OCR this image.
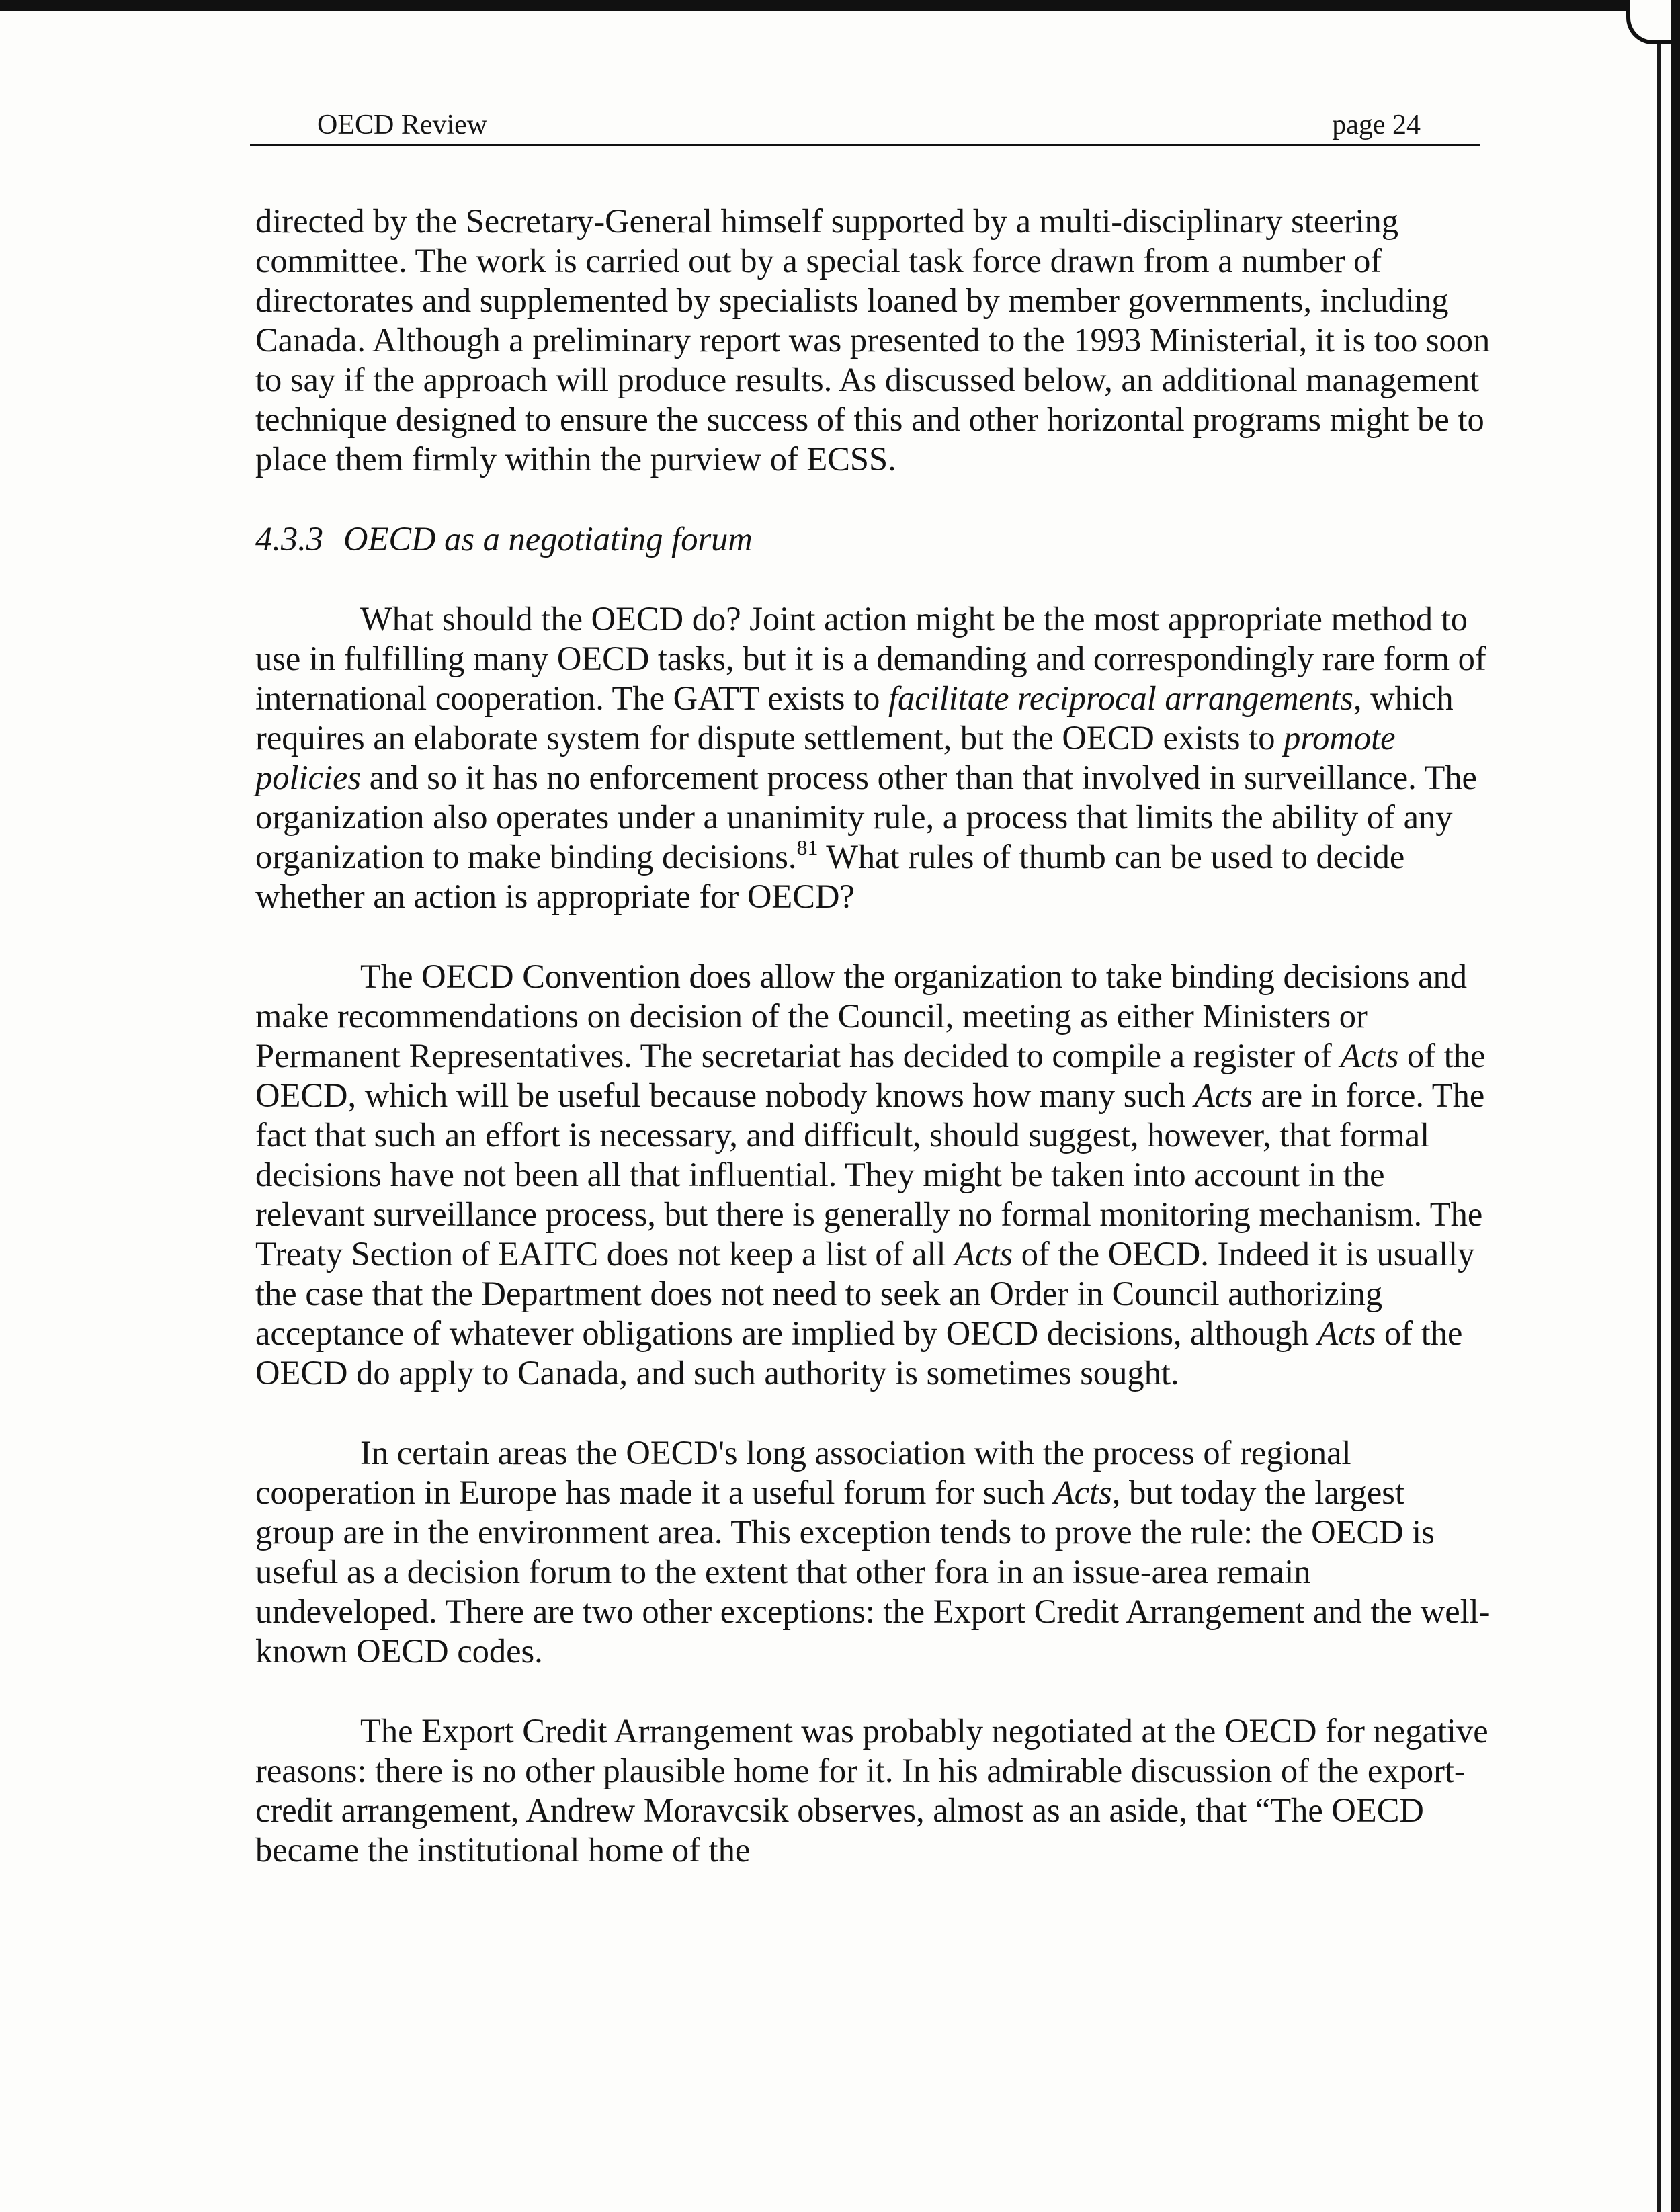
OECD Review	page 24

directed by the Secretary-General himself supported by a multi-disciplinary steering committee. The work is carried out by a special task force drawn from a number of directorates and supplemented by specialists loaned by member governments, including Canada. Although a preliminary report was presented to the 1993 Ministerial, it is too soon to say if the approach will produce results. As discussed below, an additional management technique designed to ensure the success of this and other horizontal programs might be to place them firmly within the purview of ECSS.

4.3.3 OECD as a negotiating forum

What should the OECD do? Joint action might be the most appropriate method to use in fulfilling many OECD tasks, but it is a demanding and correspondingly rare form of international cooperation. The GATT exists to facilitate reciprocal arrangements, which requires an elaborate system for dispute settlement, but the OECD exists to promote policies and so it has no enforcement process other than that involved in surveillance. The organization also operates under a unanimity rule, a process that limits the ability of any organization to make binding decisions.$^{81}$ What rules of thumb can be used to decide whether an action is appropriate for OECD?

The OECD Convention does allow the organization to take binding decisions and make recommendations on decision of the Council, meeting as either Ministers or Permanent Representatives. The secretariat has decided to compile a register of Acts of the OECD, which will be useful because nobody knows how many such Acts are in force. The fact that such an effort is necessary, and difficult, should suggest, however, that formal decisions have not been all that influential. They might be taken into account in the relevant surveillance process, but there is generally no formal monitoring mechanism. The Treaty Section of EAITC does not keep a list of all Acts of the OECD. Indeed it is usually the case that the Department does not need to seek an Order in Council authorizing acceptance of whatever obligations are implied by OECD decisions, although Acts of the OECD do apply to Canada, and such authority is sometimes sought.

In certain areas the OECD's long association with the process of regional cooperation in Europe has made it a useful forum for such Acts, but today the largest group are in the environment area. This exception tends to prove the rule: the OECD is useful as a decision forum to the extent that other fora in an issue-area remain undeveloped. There are two other exceptions: the Export Credit Arrangement and the well-known OECD codes.

The Export Credit Arrangement was probably negotiated at the OECD for negative reasons: there is no other plausible home for it. In his admirable discussion of the export-credit arrangement, Andrew Moravcsik observes, almost as an aside, that “The OECD became the institutional home of the
